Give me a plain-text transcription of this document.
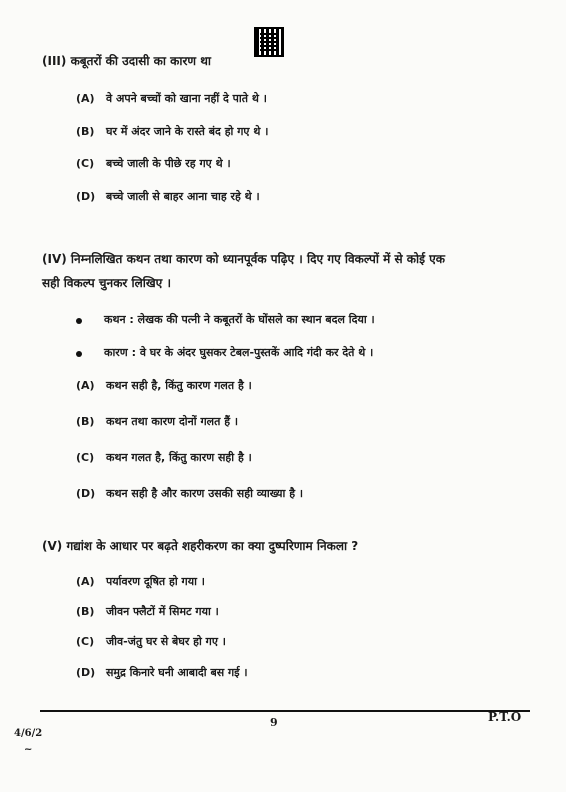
(III) कबूतरों की उदासी का कारण था
(A) वे अपने बच्चों को खाना नहीं दे पाते थे ।
(B) घर में अंदर जाने के रास्ते बंद हो गए थे ।
(C) बच्चे जाली के पीछे रह गए थे ।
(D) बच्चे जाली से बाहर आना चाह रहे थे ।
(IV) निम्नलिखित कथन तथा कारण को ध्यानपूर्वक पढ़िए । दिए गए विकल्पों में से कोई एक
सही विकल्प चुनकर लिखिए ।
कथन : लेखक की पत्नी ने कबूतरों के घोंसले का स्थान बदल दिया ।
कारण : वे घर के अंदर घुसकर टेबल-पुस्तकें आदि गंदी कर देते थे ।
(A) कथन सही है, किंतु कारण गलत है ।
(B) कथन तथा कारण दोनों गलत हैं ।
(C) कथन गलत है, किंतु कारण सही है ।
(D) कथन सही है और कारण उसकी सही व्याख्या है ।
(V) गद्यांश के आधार पर बढ़ते शहरीकरण का क्या दुष्परिणाम निकला ?
(A) पर्यावरण दूषित हो गया ।
(B) जीवन फ्लैटों में सिमट गया ।
(C) जीव-जंतु घर से बेघर हो गए ।
(D) समुद्र किनारे घनी आबादी बस गई ।
9	P.T.O
4/6/2
~
